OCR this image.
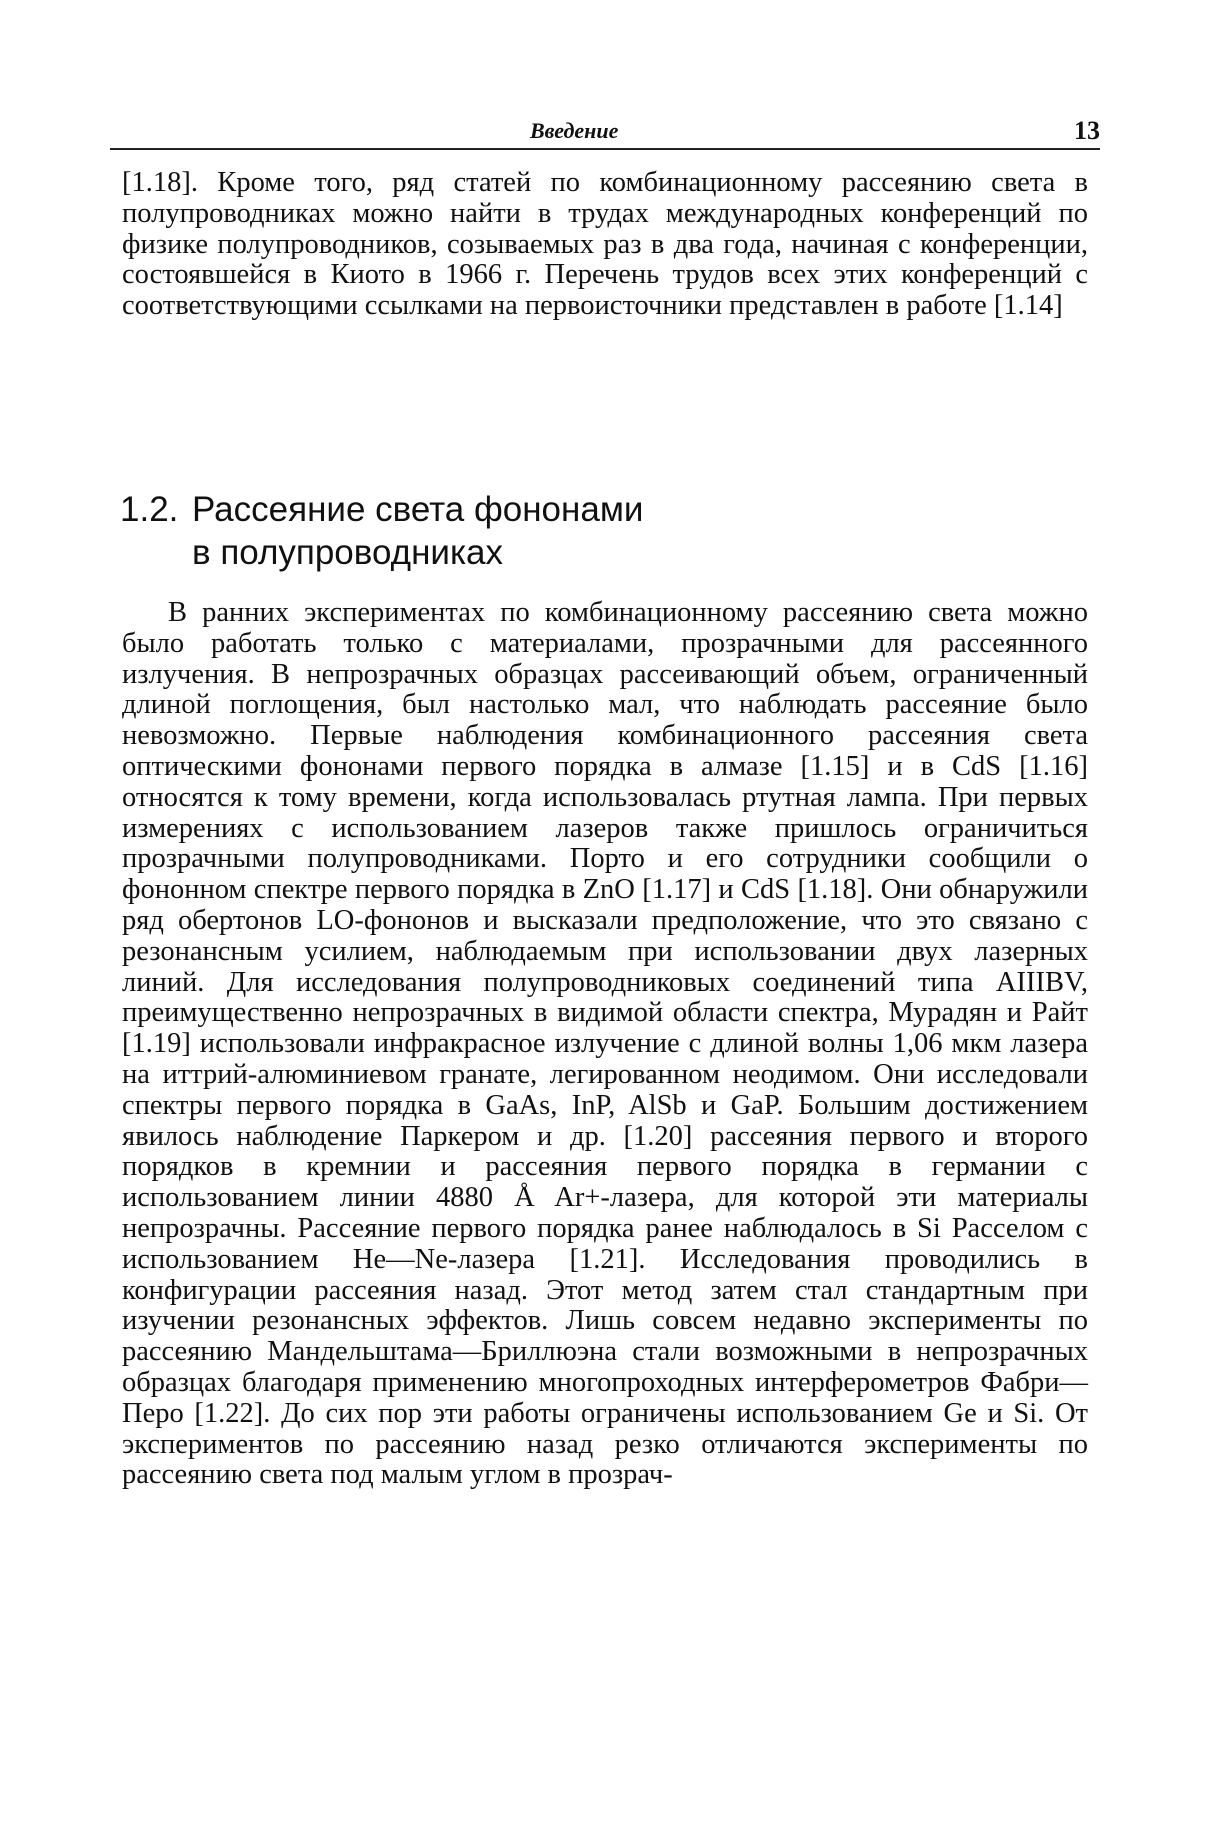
Введение	13

[1.18]. Кроме того, ряд статей по комбинационному рассеянию света в полупроводниках можно найти в трудах международных конференций по физике полупроводников, созываемых раз в два года, начиная с конференции, состоявшейся в Киото в 1966 г. Перечень трудов всех этих конференций с соответствующими ссылками на первоисточники представлен в работе [1.14]

1.2. Рассеяние света фононами
в полупроводниках

В ранних экспериментах по комбинационному рассеянию света можно было работать только с материалами, прозрачными для рассеянного излучения. В непрозрачных образцах рассеивающий объем, ограниченный длиной поглощения, был настолько мал, что наблюдать рассеяние было невозможно. Первые наблюдения комбинационного рассеяния света оптическими фононами первого порядка в алмазе [1.15] и в CdS [1.16] относятся к тому времени, когда использовалась ртутная лампа. При первых измерениях с использованием лазеров также пришлось ограничиться прозрачными полупроводниками. Порто и его сотрудники сообщили о фононном спектре первого порядка в ZnO [1.17] и CdS [1.18]. Они обнаружили ряд обертонов LO-фононов и высказали предположение, что это связано с резонансным усилием, наблюдаемым при использовании двух лазерных линий. Для исследования полупроводниковых соединений типа AIIIBV, преимущественно непрозрачных в видимой области спектра, Мурадян и Райт [1.19] использовали инфракрасное излучение с длиной волны 1,06 мкм лазера на иттрий-алюминиевом гранате, легированном неодимом. Они исследовали спектры первого порядка в GaAs, InP, AlSb и GaP. Большим достижением явилось наблюдение Паркером и др. [1.20] рассеяния первого и второго порядков в кремнии и рассеяния первого порядка в германии с использованием линии 4880 Å Ar+-лазера, для которой эти материалы непрозрачны. Рассеяние первого порядка ранее наблюдалось в Si Расселом с использованием He—Ne-лазера [1.21]. Исследования проводились в конфигурации рассеяния назад. Этот метод затем стал стандартным при изучении резонансных эффектов. Лишь совсем недавно эксперименты по рассеянию Мандельштама—Бриллюэна стали возможными в непрозрачных образцах благодаря применению многопроходных интерферометров Фабри—Перо [1.22]. До сих пор эти работы ограничены использованием Ge и Si. От экспериментов по рассеянию назад резко отличаются эксперименты по рассеянию света под малым углом в прозрач-
